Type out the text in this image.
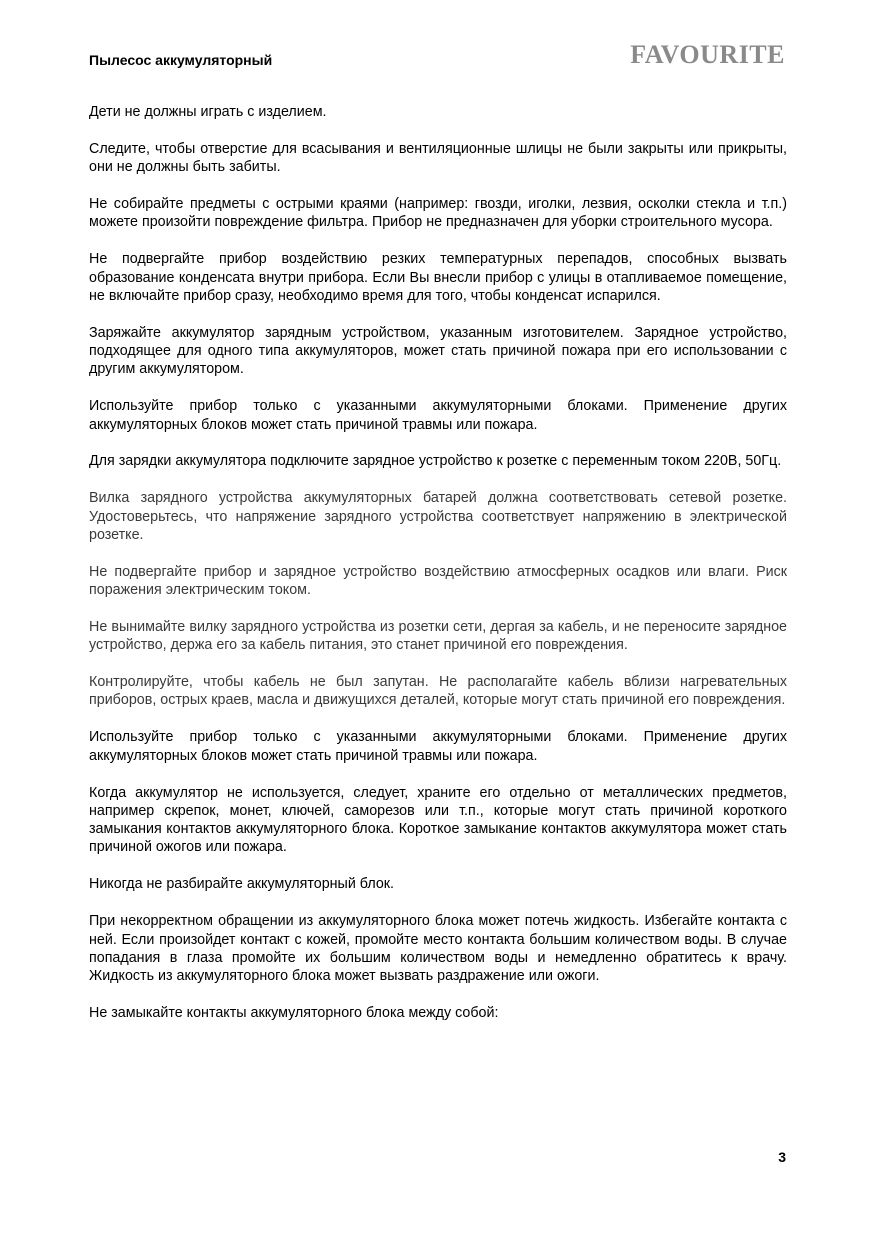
Пылесос аккумуляторный	FAVOURITE

Дети не должны играть с изделием.

Следите, чтобы отверстие для всасывания и вентиляционные шлицы не были закрыты или прикрыты, они не должны быть забиты.

Не собирайте предметы с острыми краями (например: гвозди, иголки, лезвия, осколки стекла и т.п.) можете произойти повреждение фильтра. Прибор не предназначен для уборки строительного мусора.

Не подвергайте прибор воздействию резких температурных перепадов, способных вызвать образование конденсата внутри прибора. Если Вы внесли прибор с улицы в отапливаемое помещение, не включайте прибор сразу, необходимо время для того, чтобы конденсат испарился.

Заряжайте аккумулятор зарядным устройством, указанным изготовителем. Зарядное устройство, подходящее для одного типа аккумуляторов, может стать причиной пожара при его использовании с другим аккумулятором.

Используйте прибор только с указанными аккумуляторными блоками. Применение других аккумуляторных блоков может стать причиной травмы или пожара.

Для зарядки аккумулятора подключите зарядное устройство к розетке с переменным током 220В, 50Гц.

Вилка зарядного устройства аккумуляторных батарей должна соответствовать сетевой розетке. Удостоверьтесь, что напряжение зарядного устройства соответствует напряжению в электрической розетке.

Не подвергайте прибор и зарядное устройство воздействию атмосферных осадков или влаги. Риск поражения электрическим током.

Не вынимайте вилку зарядного устройства из розетки сети, дергая за кабель, и не переносите зарядное устройство, держа его за кабель питания, это станет причиной его повреждения.

Контролируйте, чтобы кабель не был запутан. Не располагайте кабель вблизи нагревательных приборов, острых краев, масла и движущихся деталей, которые могут стать причиной его повреждения.

Используйте прибор только с указанными аккумуляторными блоками. Применение других аккумуляторных блоков может стать причиной травмы или пожара.

Когда аккумулятор не используется, следует, храните его отдельно от металлических предметов, например скрепок, монет, ключей, саморезов или т.п., которые могут стать причиной короткого замыкания контактов аккумуляторного блока. Короткое замыкание контактов аккумулятора может стать причиной ожогов или пожара.

Никогда не разбирайте аккумуляторный блок.

При некорректном обращении из аккумуляторного блока может потечь жидкость. Избегайте контакта с ней. Если произойдет контакт с кожей, промойте место контакта большим количеством воды. В случае попадания в глаза промойте их большим количеством воды и немедленно обратитесь к врачу. Жидкость из аккумуляторного блока может вызвать раздражение или ожоги.

Не замыкайте контакты аккумуляторного блока между собой:

3
